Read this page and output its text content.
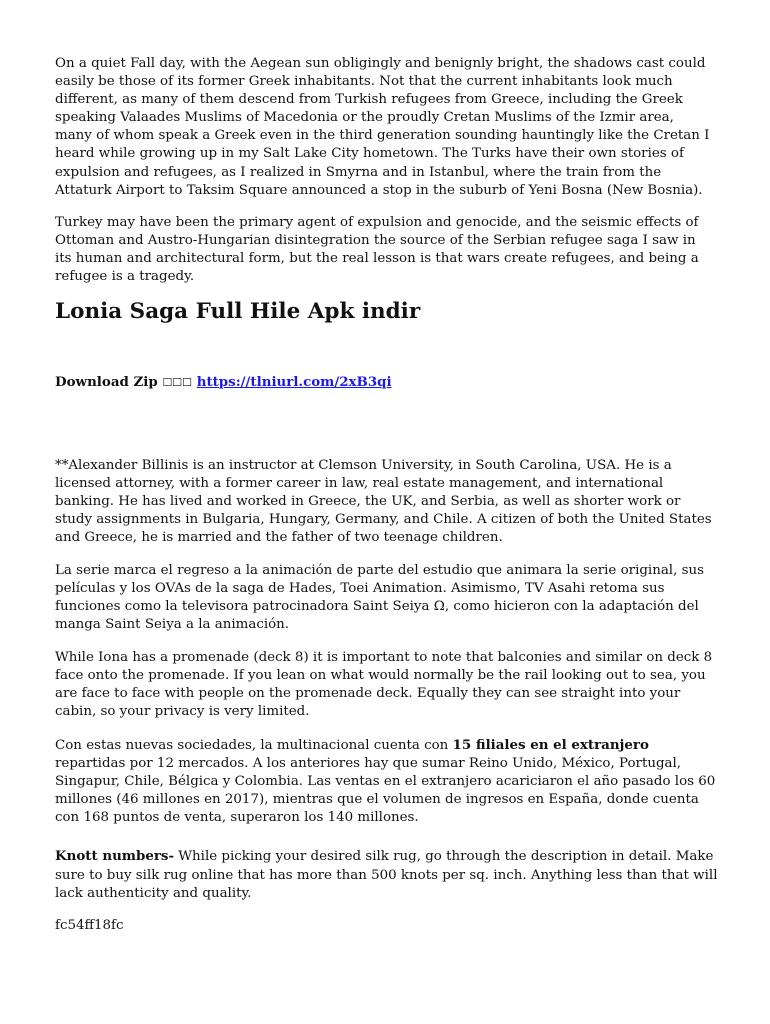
On a quiet Fall day, with the Aegean sun obligingly and benignly bright, the shadows cast could easily be those of its former Greek inhabitants. Not that the current inhabitants look much different, as many of them descend from Turkish refugees from Greece, including the Greek speaking Valaades Muslims of Macedonia or the proudly Cretan Muslims of the Izmir area, many of whom speak a Greek even in the third generation sounding hauntingly like the Cretan I heard while growing up in my Salt Lake City hometown. The Turks have their own stories of expulsion and refugees, as I realized in Smyrna and in Istanbul, where the train from the Attaturk Airport to Taksim Square announced a stop in the suburb of Yeni Bosna (New Bosnia).

Turkey may have been the primary agent of expulsion and genocide, and the seismic effects of Ottoman and Austro-Hungarian disintegration the source of the Serbian refugee saga I saw in its human and architectural form, but the real lesson is that wars create refugees, and being a refugee is a tragedy.

Lonia Saga Full Hile Apk indir
Download Zip ☐☐☐ https://tlniurl.com/2xB3qi

**Alexander Billinis is an instructor at Clemson University, in South Carolina, USA. He is a licensed attorney, with a former career in law, real estate management, and international banking. He has lived and worked in Greece, the UK, and Serbia, as well as shorter work or study assignments in Bulgaria, Hungary, Germany, and Chile. A citizen of both the United States and Greece, he is married and the father of two teenage children.

La serie marca el regreso a la animación de parte del estudio que animara la serie original, sus películas y los OVAs de la saga de Hades, Toei Animation. Asimismo, TV Asahi retoma sus funciones como la televisora patrocinadora Saint Seiya Ω, como hicieron con la adaptación del manga Saint Seiya a la animación.

While Iona has a promenade (deck 8) it is important to note that balconies and similar on deck 8 face onto the promenade. If you lean on what would normally be the rail looking out to sea, you are face to face with people on the promenade deck. Equally they can see straight into your cabin, so your privacy is very limited.

Con estas nuevas sociedades, la multinacional cuenta con 15 filiales en el extranjero repartidas por 12 mercados. A los anteriores hay que sumar Reino Unido, México, Portugal, Singapur, Chile, Bélgica y Colombia. Las ventas en el extranjero acariciaron el año pasado los 60 millones (46 millones en 2017), mientras que el volumen de ingresos en España, donde cuenta con 168 puntos de venta, superaron los 140 millones.

Knott numbers- While picking your desired silk rug, go through the description in detail. Make sure to buy silk rug online that has more than 500 knots per sq. inch. Anything less than that will lack authenticity and quality.

fc54ff18fc
